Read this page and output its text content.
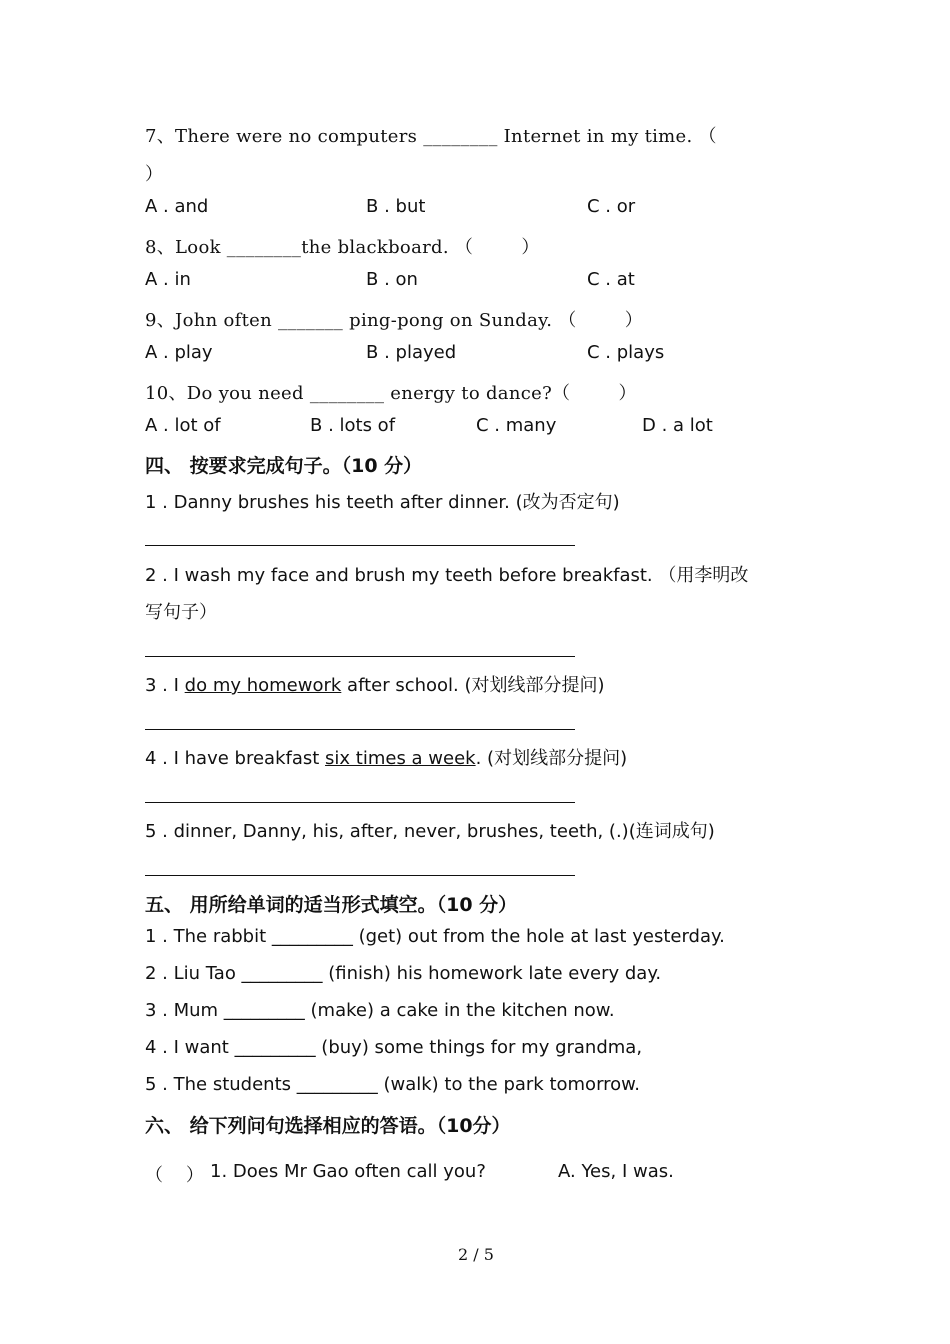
7、There were no computers ________ Internet in my time. （
）
A . and	B . but	C . or
8、Look ________the blackboard. （        ）
A . in	B . on	C . at
9、John often _______ ping-pong on Sunday. （        ）
A . play	B . played	C . plays
10、Do you need ________ energy to dance?（        ）
A . lot of	B . lots of	C . many	D . a lot
四、 按要求完成句子。（10 分）
1 . Danny brushes his teeth after dinner. (改为否定句)
2 . I wash my face and brush my teeth before breakfast. （用李明改
写句子）
3 . I do my homework after school. (对划线部分提问)
4 . I have breakfast six times a week. (对划线部分提问)
5 . dinner, Danny, his, after, never, brushes, teeth, (.)(连词成句)
五、 用所给单词的适当形式填空。（10 分）
1 . The rabbit _________ (get) out from the hole at last yesterday.
2 . Liu Tao _________ (finish) his homework late every day.
3 . Mum _________ (make) a cake in the kitchen now.
4 . I want _________ (buy) some things for my grandma,
5 . The students _________ (walk) to the park tomorrow.
六、 给下列问句选择相应的答语。（10分）
（    ） 1. Does Mr Gao often call you?	A. Yes, I was.
2 / 5
